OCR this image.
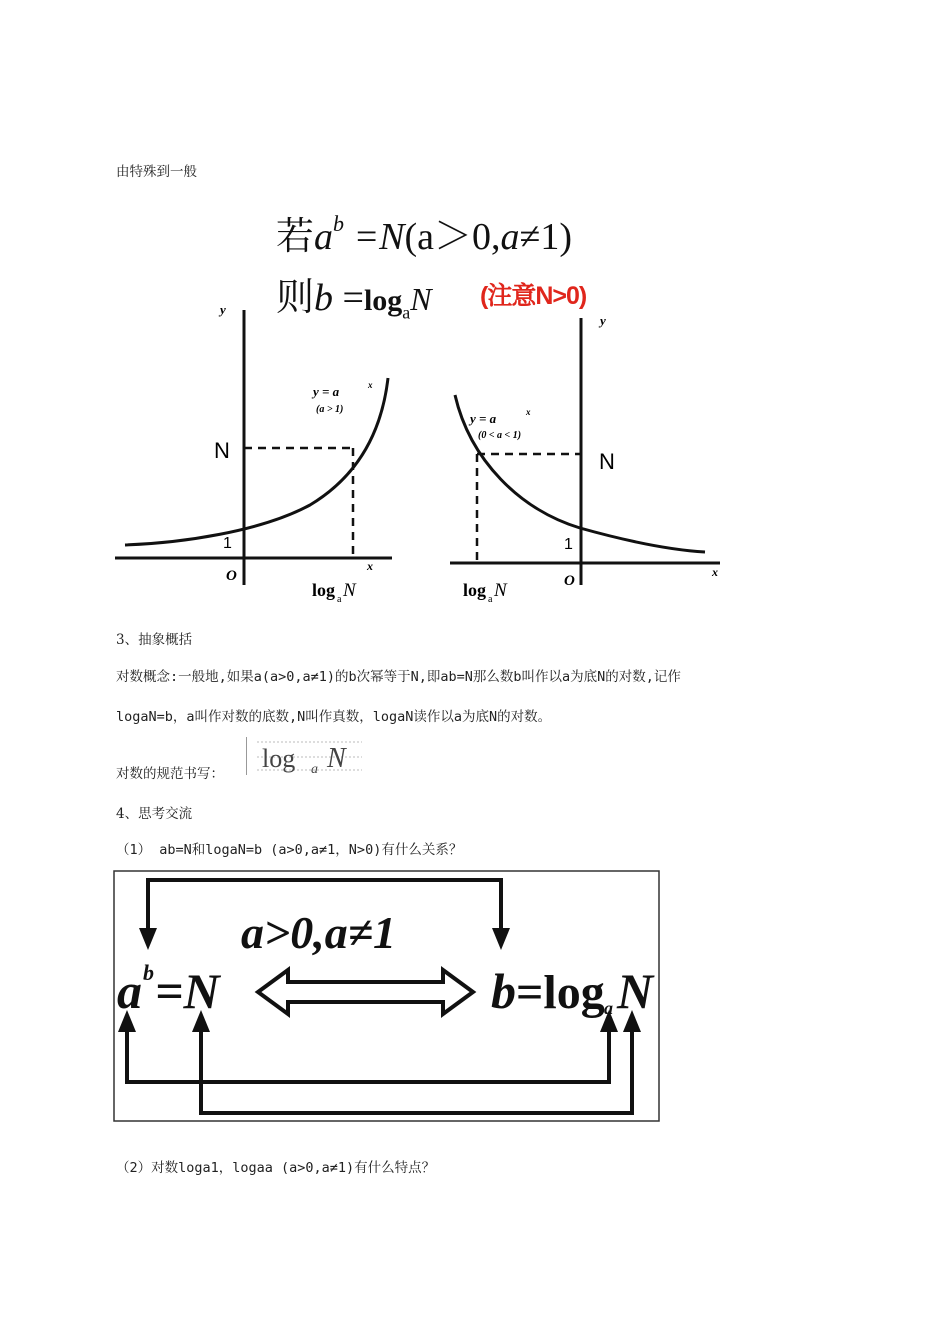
由特殊到一般
若$a^b =N(a>0,a\ne 1)$
则$b =\log_aN$ (注意N>0)
y
x
O
N
1
y = a	x
(a > 1)
log a N
y
x
O
N
1
y = a	x
(0 < a < 1)
log a N
3、抽象概括
对数概念:一般地,如果a(a>0,a≠1)的b次幂等于N,即ab=N那么数b叫作以a为底N的对数,记作
logaN=b，a叫作对数的底数,N叫作真数，logaN读作以a为底N的对数。
对数的规范书写：
log a N
4、思考交流
（1） ab=N和logaN=b (a>0,a≠1，N>0)有什么关系？
a>0,a≠1
a b =N	b =log a N
（2）对数loga1，logaa (a>0,a≠1)有什么特点？
